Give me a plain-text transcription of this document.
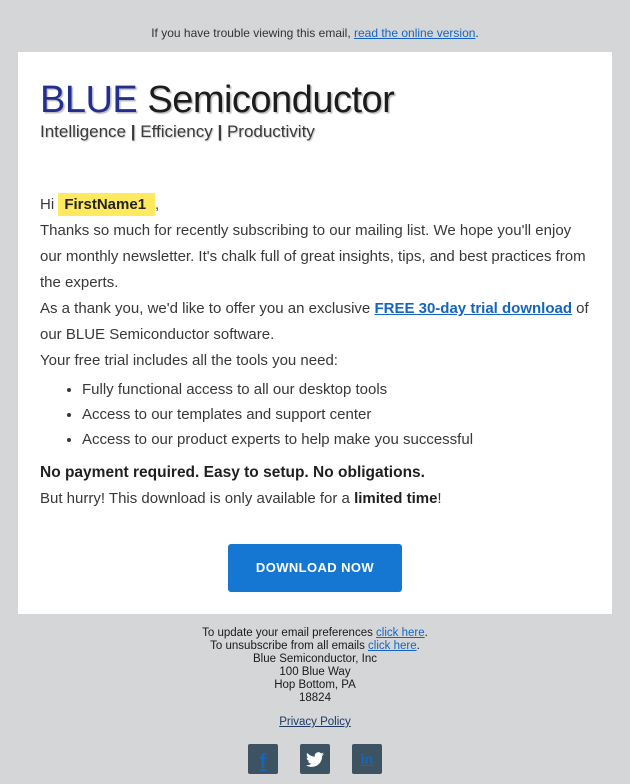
If you have trouble viewing this email, read the online version.
BLUE Semiconductor
Intelligence | Efficiency | Productivity

Hi FirstName1 ,

Thanks so much for recently subscribing to our mailing list. We hope you'll enjoy our monthly newsletter. It's chalk full of great insights, tips, and best practices from the experts.

As a thank you, we'd like to offer you an exclusive FREE 30-day trial download of our BLUE Semiconductor software.

Your free trial includes all the tools you need:

• Fully functional access to all our desktop tools
• Access to our templates and support center
• Access to our product experts to help make you successful

No payment required. Easy to setup. No obligations.

But hurry! This download is only available for a limited time!

DOWNLOAD NOW
To update your email preferences click here.
To unsubscribe from all emails click here.
Blue Semiconductor, Inc
100 Blue Way
Hop Bottom, PA
18824
Privacy Policy
f	in
